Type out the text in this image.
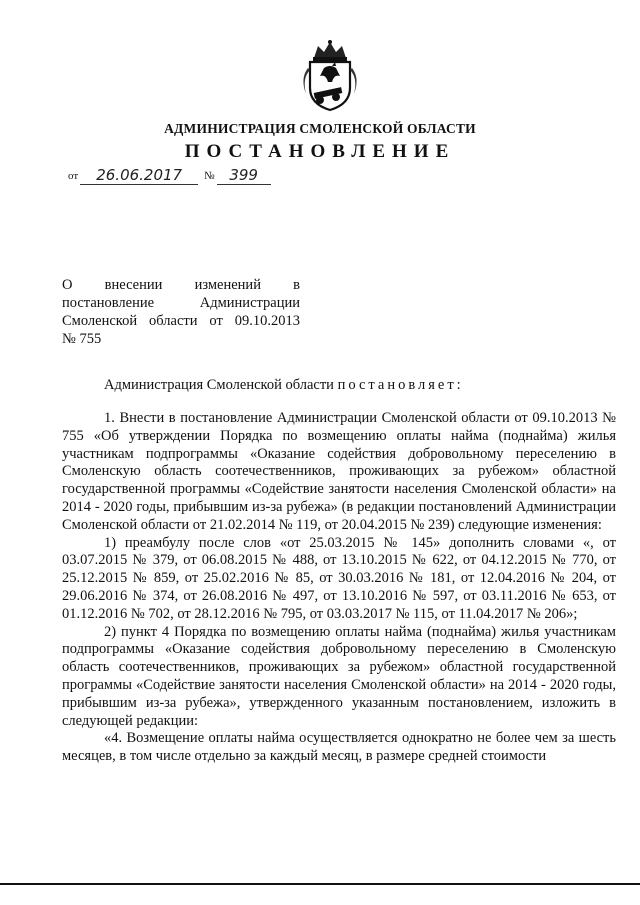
АДМИНИСТРАЦИЯ СМОЛЕНСКОЙ ОБЛАСТИ
ПОСТАНОВЛЕНИЕ
от 26.06.2017 № 399
О внесении изменений в
постановление Администрации
Смоленской области от 09.10.2013
№ 755
Администрация Смоленской области постановляет:

1. Внести в постановление Администрации Смоленской области от 09.10.2013 № 755 «Об утверждении Порядка по возмещению оплаты найма (поднайма) жилья участникам подпрограммы «Оказание содействия добровольному переселению в Смоленскую область соотечественников, проживающих за рубежом» областной государственной программы «Содействие занятости населения Смоленской области» на 2014 - 2020 годы, прибывшим из-за рубежа» (в редакции постановлений Администрации Смоленской области от 21.02.2014 № 119, от 20.04.2015 № 239) следующие изменения:

1) преамбулу после слов «от 25.03.2015 № 145» дополнить словами «, от 03.07.2015 № 379, от 06.08.2015 № 488, от 13.10.2015 № 622, от 04.12.2015 № 770, от 25.12.2015 № 859, от 25.02.2016 № 85, от 30.03.2016 № 181, от 12.04.2016 № 204, от 29.06.2016 № 374, от 26.08.2016 № 497, от 13.10.2016 № 597, от 03.11.2016 № 653, от 01.12.2016 № 702, от 28.12.2016 № 795, от 03.03.2017 № 115, от 11.04.2017 № 206»;

2) пункт 4 Порядка по возмещению оплаты найма (поднайма) жилья участникам подпрограммы «Оказание содействия добровольному переселению в Смоленскую область соотечественников, проживающих за рубежом» областной государственной программы «Содействие занятости населения Смоленской области» на 2014 - 2020 годы, прибывшим из-за рубежа», утвержденного указанным постановлением, изложить в следующей редакции:

«4. Возмещение оплаты найма осуществляется однократно не более чем за шесть месяцев, в том числе отдельно за каждый месяц, в размере средней стоимости
